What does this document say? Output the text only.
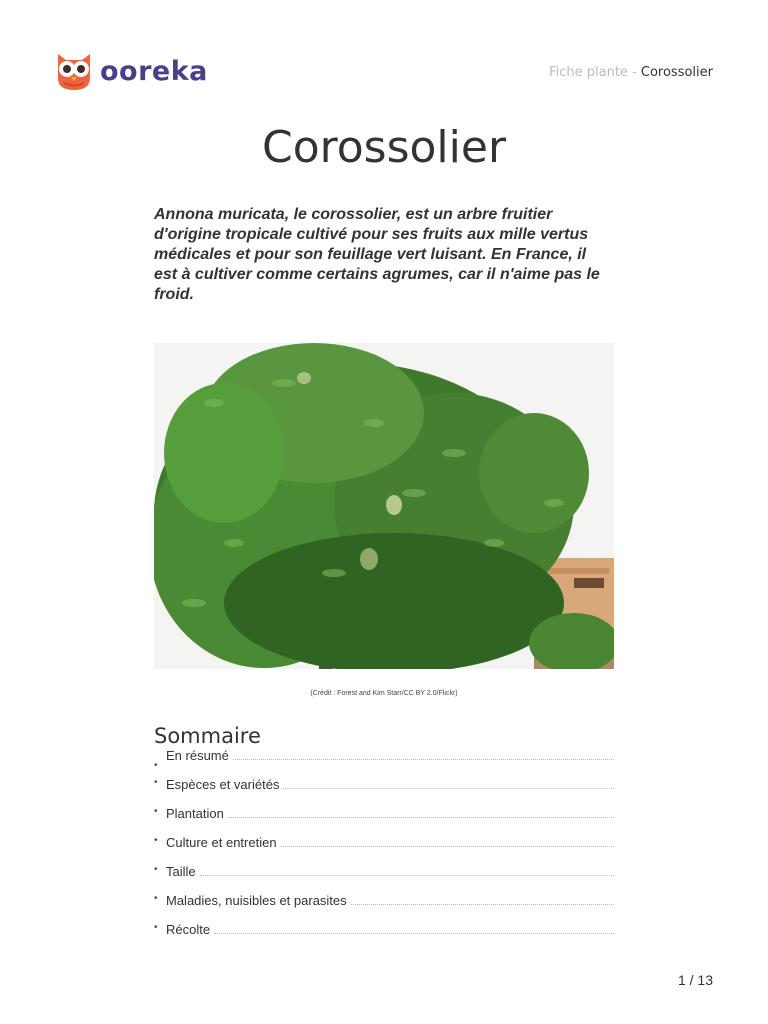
ooreka	Fiche plante - Corossolier
Corossolier

Annona muricata, le corossolier, est un arbre fruitier d'origine tropicale cultivé pour ses fruits aux mille vertus médicales et pour son feuillage vert luisant. En France, il est à cultiver comme certains agrumes, car il n'aime pas le froid.

(Crédit : Forest and Kim Starr/CC BY 2.0/Flickr)
Sommaire
•
En résumé
• Espèces et variétés
• Plantation
• Culture et entretien
• Taille
• Maladies, nuisibles et parasites
• Récolte
1 / 13
